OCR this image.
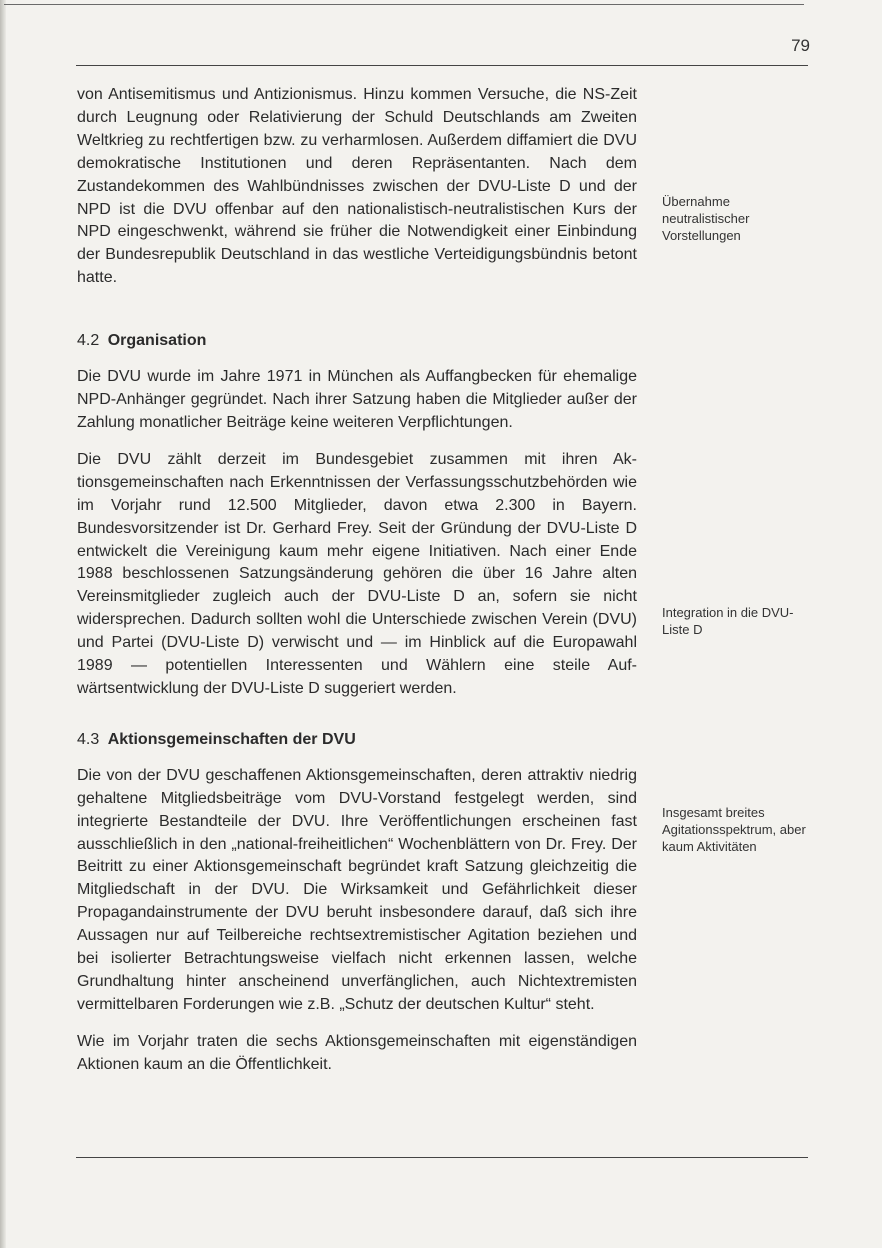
79

von Antisemitismus und Antizionismus. Hinzu kommen Versuche, die NS-Zeit durch Leugnung oder Relativierung der Schuld Deutschlands am Zweiten Weltkrieg zu rechtfertigen bzw. zu verharmlosen. Außerdem diffamiert die DVU demokratische Institutionen und deren Repräsentanten. Nach dem Zustandekommen des Wahlbündnisses zwischen der DVU-Liste D und der NPD ist die DVU offenbar auf den nationalistisch-neutralistischen Kurs der NPD eingeschwenkt, während sie früher die Notwendigkeit einer Einbindung der Bundesrepublik Deutschland in das westliche Verteidigungsbündnis betont hatte.

4.2 Organisation

Die DVU wurde im Jahre 1971 in München als Auffangbecken für ehemalige NPD-Anhänger gegründet. Nach ihrer Satzung haben die Mitglieder außer der Zahlung monatlicher Beiträge keine weiteren Verpflichtungen.

Die DVU zählt derzeit im Bundesgebiet zusammen mit ihren Aktionsgemeinschaften nach Erkenntnissen der Verfassungsschutzbehörden wie im Vorjahr rund 12.500 Mitglieder, davon etwa 2.300 in Bayern. Bundesvorsitzender ist Dr. Gerhard Frey. Seit der Gründung der DVU-Liste D entwickelt die Vereinigung kaum mehr eigene Initiativen. Nach einer Ende 1988 beschlossenen Satzungsänderung gehören die über 16 Jahre alten Vereinsmitglieder zugleich auch der DVU-Liste D an, sofern sie nicht widersprechen. Dadurch sollten wohl die Unterschiede zwischen Verein (DVU) und Partei (DVU-Liste D) verwischt und — im Hinblick auf die Europawahl 1989 — potentiellen Interessenten und Wählern eine steile Aufwärtsentwicklung der DVU-Liste D suggeriert werden.

4.3 Aktionsgemeinschaften der DVU

Die von der DVU geschaffenen Aktionsgemeinschaften, deren attraktiv niedrig gehaltene Mitgliedsbeiträge vom DVU-Vorstand festgelegt werden, sind integrierte Bestandteile der DVU. Ihre Veröffentlichungen erscheinen fast ausschließlich in den „national-freiheitlichen“ Wochenblättern von Dr. Frey. Der Beitritt zu einer Aktionsgemeinschaft begründet kraft Satzung gleichzeitig die Mitgliedschaft in der DVU. Die Wirksamkeit und Gefährlichkeit dieser Propagandainstrumente der DVU beruht insbesondere darauf, daß sich ihre Aussagen nur auf Teilbereiche rechtsextremistischer Agitation beziehen und bei isolierter Betrachtungsweise vielfach nicht erkennen lassen, welche Grundhaltung hinter anscheinend unverfänglichen, auch Nichtextremisten vermittelbaren Forderungen wie z.B. „Schutz der deutschen Kultur“ steht.

Wie im Vorjahr traten die sechs Aktionsgemeinschaften mit eigenständigen Aktionen kaum an die Öffentlichkeit.

Übernahme neutralistischer Vorstellungen
Integration in die DVU-Liste D
Insgesamt breites Agitationsspektrum, aber kaum Aktivitäten
